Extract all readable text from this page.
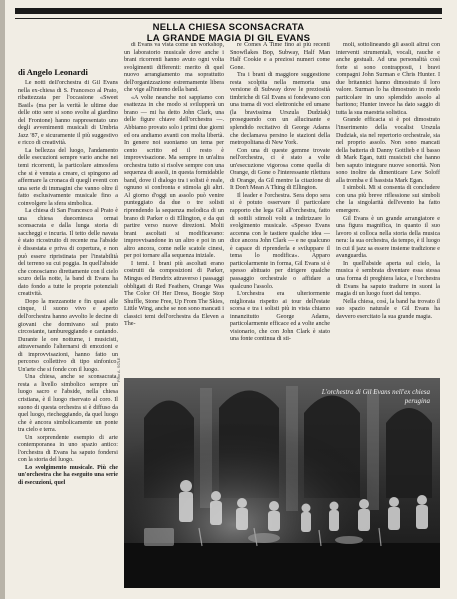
NELLA CHIESA SCONSACRATA
LA GRANDE MAGIA DI GIL EVANS
di Angelo Leonardi

Le notti dell'orchestra di Gil Evans nella ex-chiesa di S. Francesco al Prato, ribattezzata per l'occasione «Sweet Basil» (ma per la verità le ultime due delle otto sere si sono svolte al giardino del Frontone) hanno rappresentato uno degli avvenimenti musicali di Umbria Jazz '87, e sicuramente il più suggestivo e ricco di creatività.

La bellezza del luogo, l'andamento delle esecuzioni sempre vario anche nei temi ricorrenti, la particolare atmosfera che si è venuta a creare, ci spingono ad affermare la cronaca di quegli eventi con una serie di immagini che vanno oltre il fatto esclusivamente musicale fino a coinvolgere la sfera simbolica.

La chiesa di San Francesco al Prato è una chiesa duecentesca ormai sconsacrata e dalla lunga storia di saccheggi e incuria. Il tetto delle navata è stato ricostruito di recente ma l'abside è dissestata e priva di copertura, e non può essere ripristinata per l'instabilità del terreno su cui poggia. In quell'abside che conosciamo direttamente con il cielo scuro della notte, la band di Evans ha dato fondo a tutte le proprie potenziali creatività.

Dopo la mezzanotte e fin quasi alle cinque, il suono vivo e aperto dell'orchestra hanno avvolto le decine di giovani che dormivano sul prato circostante, tambureggiando e cantando. Durante le ore notturne, i musicisti, attraversando l'alternarsi di emozioni e di improvvisazioni, hanno fatto un percorso collettivo di tipo sinfonico. Un'arte che si fonde con il luogo.

Una chiesa, anche se sconsacrata, resta a livello simbolico sempre un luogo sacro e l'abside, nella chiesa cristiana, è il luogo riservato al coro. Il suono di questa orchestra si è diffuso da quel luogo, riecheggiando, da quel luogo che è ancora simbolicamente un ponte tra cielo e terra.

Un sorprendente esempio di arte contemporanea in uno spazio antico: l'orchestra di Evans ha saputo fondersi con la storia del luogo.

Lo svolgimento musicale. Più che un'orchestra che ha eseguito una serie di esecuzioni, quel

di Evans va vista come un workshop, un laboratorio musicale dove anche i brani ricorrenti hanno avuto ogni volta svolgimenti differenti: merito di quel nuovo arrangiamento ma soprattutto dell'organizzazione estremamente libera che vige all'interno della band.

«A volte neanche noi sappiamo con esattezza in che modo si svilupperà un brano — mi ha detto John Clark, una delle figure chiave dell'orchestra —. Abbiamo provato solo i primi due giorni ed ora andiamo avanti con molta libertà. In genere noi suoniamo un tema per cento scritto ed il resto è improvvisazione. Ma sempre in un'altra orchestra tutto si risolve sempre con una sequenza di assoli, in questa formidabile band, dove il dialogo tra i solisti è reale, ognuno si confronta e stimola gli altri. Al giorno d'oggi un assolo può venire punteggiato da due o tre solisti riprendendo la sequenza melodica di un brano di Parker o di Ellington, e da qui partire verso nuove direzioni. Molti brani ascoltati si modificavano: improvvisandone in un altro e poi in un altro ancora, come nelle scatole cinesi, per poi tornare alla sequenza iniziale.

I temi. I brani più ascoltati erano costruiti da composizioni di Parker, Mingus ed Hendrix attraverso i passaggi obbligati di Red Feathers, Orange Was The Color Of Her Dress, Boogie Stop Shuffle, Stone Free, Up From The Skies, Little Wing, anche se non sono mancati i classici temi dell'orchestra da Eleven a The-

re Comes A Time fino ai più recenti Snowflakes Bop, Subway, Half Man Half Cookie e a preziosi numeri come Gone.

Tra i brani di maggiore suggestione resta scolpita nella memoria una versione di Subway dove le preziosità timbriche di Gil Evans si fondevano con una trama di voci elettroniche ed umane (la bravissima Urszula Dudziak) proseguendo con un allucinante e splendido recitativo di George Adams che declamava persino le stazioni della metropolitana di New York.

Con una di queste gemme trovate nell'orchestra, ci è stato a volte un'esecuzione vigorosa come quella di Orange, di Gone o l'interessante rilettura di Orange, da Gil mentre la citazione di It Don't Mean A Thing di Ellington.

Il leader e l'orchestra. Sera dopo sera si è potuto osservare il particolare rapporto che lega Gil all'orchestra, fatto di sottili stimoli volti a indirizzare lo svolgimento musicale. «Spesso Evans accenna con le tastiere qualche idea — dice ancora John Clark — e ne qualcuno è capace di riprenderla e sviluppare il tema lo modifica». Apparo particolarmente in forma, Gil Evans si è spesso abituato per dirigere qualche passaggio orchestrale o affidare a qualcuno l'assolo.

L'orchestra era ulteriormente migliorata rispetto ai tour dell'estate scorsa e tra i solisti più in vista chiamo innanzitutto George Adams, particolarmente efficace ed a volte anche visionario, che con John Clark è stato una fonte continua di sti-

moli, sottolineando gli assoli altrui con interventi strumentali, vocali, rauche e anche gestuali. Ad una personalità così forte si sono contrapposti, i bravi compagni John Surman e Chris Hunter. I due britannici hanno dimostrato il loro valore. Surman lo ha dimostrato in modo particolare in uno splendido assolo al baritono; Hunter invece ha dato saggio di tutta la sua maestria solistica.

Grande efficacia si è poi dimostrato l'inserimento della vocalist Urszula Dudziak, sia nel repertorio orchestrale, sia nel proprio assolo. Non sono mancati della batteria di Danny Gottlieb e il basso di Mark Egan, tutti musicisti che hanno ben saputo integrare nuove sonorità. Non sono inoltre da dimenticare Lew Soloff alla tromba e il bassista Mark Egan.

I simboli. Mi si consenta di concludere con una più breve riflessione sui simboli che la singolarità dell'evento ha fatto emergere.

Gil Evans è un grande arrangiatore e una figura magnifica, in quanto il suo lavoro si colloca nella storia della musica nera: la sua orchestra, da tempo, è il luogo in cui il jazz sa essere insieme tradizione e avanguardia.

In quell'abside aperta sul cielo, la musica è sembrata diventare essa stessa una forma di preghiera laica, e l'orchestra di Evans ha saputo tradurre in suoni la magia di un luogo fuori dal tempo.

Nella chiesa, così, la band ha trovato il suo spazio naturale e Gil Evans ha davvero esercitato la sua grande magia.

Foto A. SOLE
L'orchestra di Gil Evans nell'ex chiesa perugina
